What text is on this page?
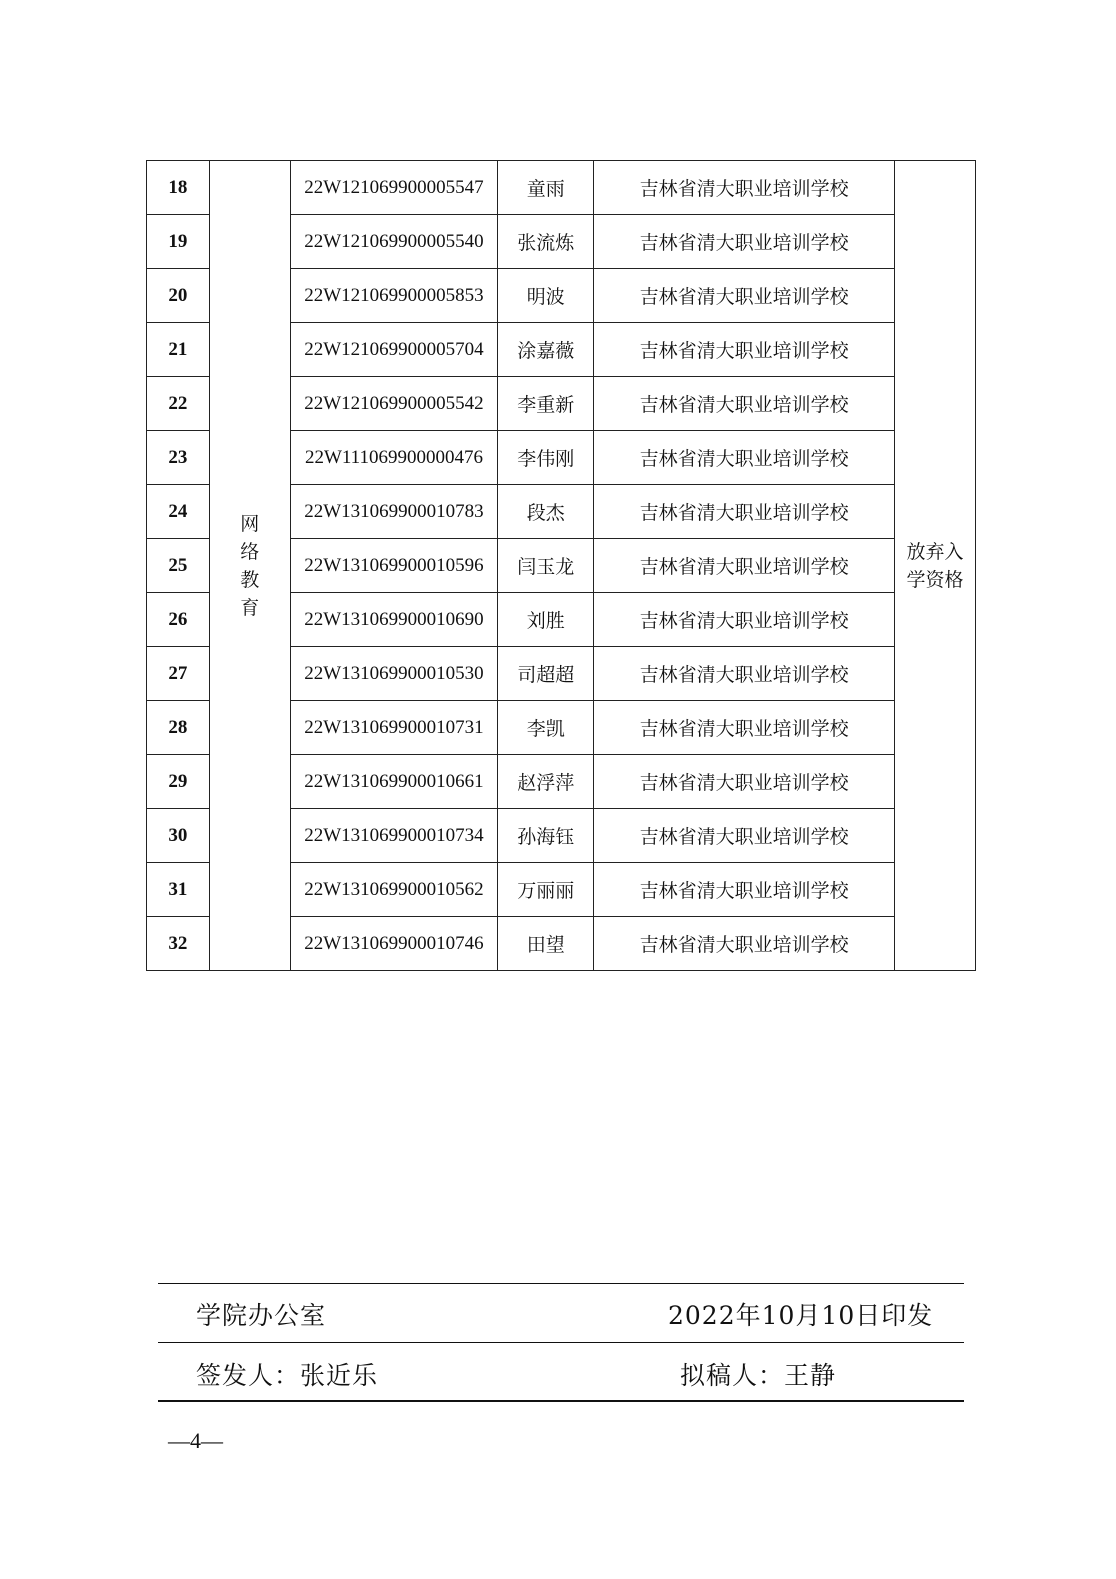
18	网络教育	22W121069900005547	童雨	吉林省清大职业培训学校	放弃入学资格
19		22W121069900005540	张流炼	吉林省清大职业培训学校	
20		22W121069900005853	明波	吉林省清大职业培训学校	
21		22W121069900005704	涂嘉薇	吉林省清大职业培训学校	
22		22W121069900005542	李重新	吉林省清大职业培训学校	
23		22W111069900000476	李伟刚	吉林省清大职业培训学校	
24		22W131069900010783	段杰	吉林省清大职业培训学校	
25		22W131069900010596	闫玉龙	吉林省清大职业培训学校	
26		22W131069900010690	刘胜	吉林省清大职业培训学校	
27		22W131069900010530	司超超	吉林省清大职业培训学校	
28		22W131069900010731	李凯	吉林省清大职业培训学校	
29		22W131069900010661	赵浮萍	吉林省清大职业培训学校	
30		22W131069900010734	孙海钰	吉林省清大职业培训学校	
31		22W131069900010562	万丽丽	吉林省清大职业培训学校	
32		22W131069900010746	田望	吉林省清大职业培训学校	
学院办公室	2022年10月10日印发
签发人：张近乐	拟稿人：王静
—4—
